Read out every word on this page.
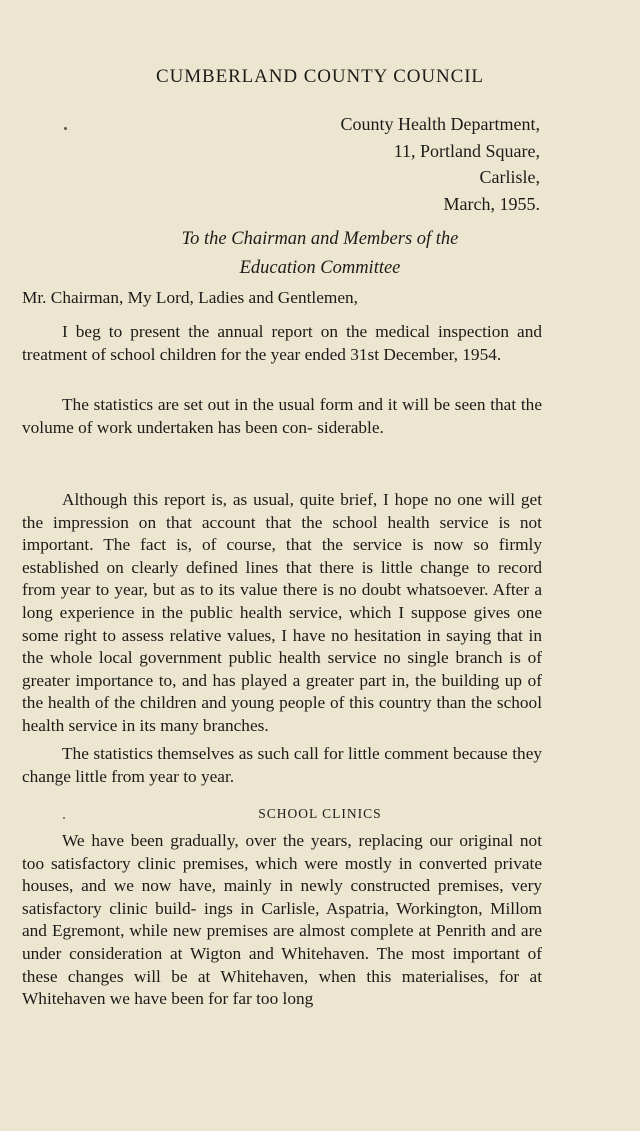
CUMBERLAND COUNTY COUNCIL
County Health Department,
11, Portland Square,
Carlisle,
March, 1955.
To the Chairman and Members of the
Education Committee

Mr. Chairman, My Lord, Ladies and Gentlemen,

I beg to present the annual report on the medical inspection and treatment of school children for the year ended 31st December, 1954.

The statistics are set out in the usual form and it will be seen that the volume of work undertaken has been con- siderable.

Although this report is, as usual, quite brief, I hope no one will get the impression on that account that the school health service is not important. The fact is, of course, that the service is now so firmly established on clearly defined lines that there is little change to record from year to year, but as to its value there is no doubt whatsoever. After a long experience in the public health service, which I suppose gives one some right to assess relative values, I have no hesitation in saying that in the whole local government public health service no single branch is of greater importance to, and has played a greater part in, the building up of the health of the children and young people of this country than the school health service in its many branches.

The statistics themselves as such call for little comment because they change little from year to year.

SCHOOL CLINICS

We have been gradually, over the years, replacing our original not too satisfactory clinic premises, which were mostly in converted private houses, and we now have, mainly in newly constructed premises, very satisfactory clinic build- ings in Carlisle, Aspatria, Workington, Millom and Egremont, while new premises are almost complete at Penrith and are under consideration at Wigton and Whitehaven. The most important of these changes will be at Whitehaven, when this materialises, for at Whitehaven we have been for far too long
